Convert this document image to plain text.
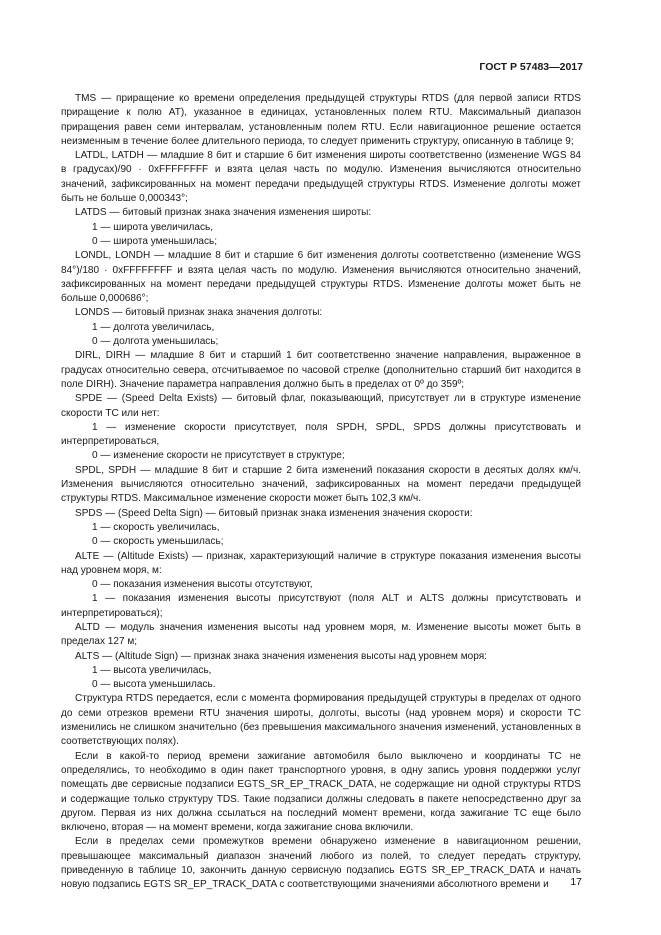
ГОСТ Р 57483—2017

TMS — приращение ко времени определения предыдущей структуры RTDS (для первой записи RTDS приращение к полю AT), указанное в единицах, установленных полем RTU. Максимальный диапазон приращения равен семи интервалам, установленным полем RTU. Если навигационное решение остается неизменным в течение более длительного периода, то следует применить структуру, описанную в таблице 9;

LATDL, LATDH — младшие 8 бит и старшие 6 бит изменения широты соответственно (изменение WGS 84 в градусах)/90 · 0xFFFFFFFF и взята целая часть по модулю. Изменения вычисляются относительно значений, зафиксированных на момент передачи предыдущей структуры RTDS. Изменение долготы может быть не больше 0,000343°;

LATDS — битовый признак знака значения изменения широты:

1 — широта увеличилась,

0 — широта уменьшилась;

LONDL, LONDH — младшие 8 бит и старшие 6 бит изменения долготы соответственно (изменение WGS 84°)/180 · 0xFFFFFFFF и взята целая часть по модулю. Изменения вычисляются относительно значений, зафиксированных на момент передачи предыдущей структуры RTDS. Изменение долготы может быть не больше 0,000686°;

LONDS — битовый признак знака значения долготы:

1 — долгота увеличилась,

0 — долгота уменьшилась;

DIRL, DIRH — младшие 8 бит и старший 1 бит соответственно значение направления, выраженное в градусах относительно севера, отсчитываемое по часовой стрелке (дополнительно старший бит находится в поле DIRH). Значение параметра направления должно быть в пределах от 0º до 359º;

SPDE — (Speed Delta Exists) — битовый флаг, показывающий, присутствует ли в структуре изменение скорости ТС или нет:

1 — изменение скорости присутствует, поля SPDH, SPDL, SPDS должны присутствовать и интерпретироваться,

0 — изменение скорости не присутствует в структуре;

SPDL, SPDH — младшие 8 бит и старшие 2 бита изменений показания скорости в десятых долях км/ч. Изменения вычисляются относительно значений, зафиксированных на момент передачи предыдущей структуры RTDS. Максимальное изменение скорости может быть 102,3 км/ч.

SPDS — (Speed Delta Sign) — битовый признак знака изменения значения скорости:

1 — скорость увеличилась,

0 — скорость уменьшилась;

ALTE — (Altitude Exists) — признак, характеризующий наличие в структуре показания изменения высоты над уровнем моря, м:

0 — показания изменения высоты отсутствуют,

1 — показания изменения высоты присутствуют (поля ALT и ALTS должны присутствовать и интерпретироваться);

ALTD — модуль значения изменения высоты над уровнем моря, м. Изменение высоты может быть в пределах 127 м;

ALTS — (Altitude Sign) — признак знака значения изменения высоты над уровнем моря:

1 — высота увеличилась,

0 — высота уменьшилась.

Структура RTDS передается, если с момента формирования предыдущей структуры в пределах от одного до семи отрезков времени RTU значения широты, долготы, высоты (над уровнем моря) и скорости ТС изменились не слишком значительно (без превышения максимального значения изменений, установленных в соответствующих полях).

Если в какой-то период времени зажигание автомобиля было выключено и координаты ТС не определялись, то необходимо в один пакет транспортного уровня, в одну запись уровня поддержки услуг помещать две сервисные подзаписи EGTS_SR_EP_TRACK_DATA, не содержащие ни одной структуры RTDS и содержащие только структуру TDS. Такие подзаписи должны следовать в пакете непосредственно друг за другом. Первая из них должна ссылаться на последний момент времени, когда зажигание ТС еще было включено, вторая — на момент времени, когда зажигание снова включили.

Если в пределах семи промежутков времени обнаружено изменение в навигационном решении, превышающее максимальный диапазон значений любого из полей, то следует передать структуру, приведенную в таблице 10, закончить данную сервисную подзапись EGTS SR_EP_TRACK_DATA и начать новую подзапись EGTS SR_EP_TRACK_DATA с соответствующими значениями абсолютного времени и	17
